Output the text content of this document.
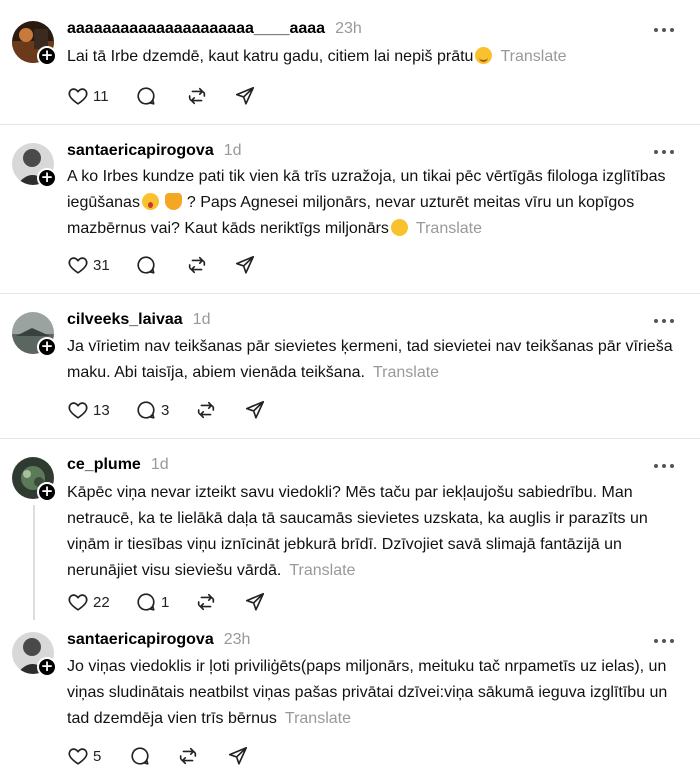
+
aaaaaaaaaaaaaaaaaaaaa____aaaa 23h
Lai tā Irbe dzemdē, kaut katru gadu, citiem lai nepiš prātu Translate
11
+
santaericapirogova 1d
A ko Irbes kundze pati tik vien kā trīs uzražoja, un tikai pēc vērtīgās filologa izglītības iegūšanas	? Paps Agnesei miljonārs, nevar uzturēt meitas vīru un kopīgos mazbērnus vai? Kaut kāds neriktīgs miljonārs Translate
31
+
cilveeks_laivaa 1d
Ja vīrietim nav teikšanas pār sievietes ķermeni, tad sievietei nav teikšanas pār vīrieša maku. Abi taisīja, abiem vienāda teikšana. Translate
13	3
+
ce_plume 1d
Kāpēc viņa nevar izteikt savu viedokli? Mēs taču par iekļaujošu sabiedrību. Man netraucē, ka te lielākā daļa tā saucamās sievietes uzskata, ka auglis ir parazīts un viņām ir tiesības viņu iznīcināt jebkurā brīdī. Dzīvojiet savā slimajā fantāzijā un nerunājiet visu sieviešu vārdā. Translate
22	1
+
santaericapirogova 23h
Jo viņas viedoklis ir ļoti priviliģēts(paps miljonārs, meituku tač nrpametīs uz ielas), un viņas sludinātais neatbilst viņas pašas privātai dzīvei:viņa sākumā ieguva izglītību un tad dzemdēja vien trīs bērnus Translate
5
